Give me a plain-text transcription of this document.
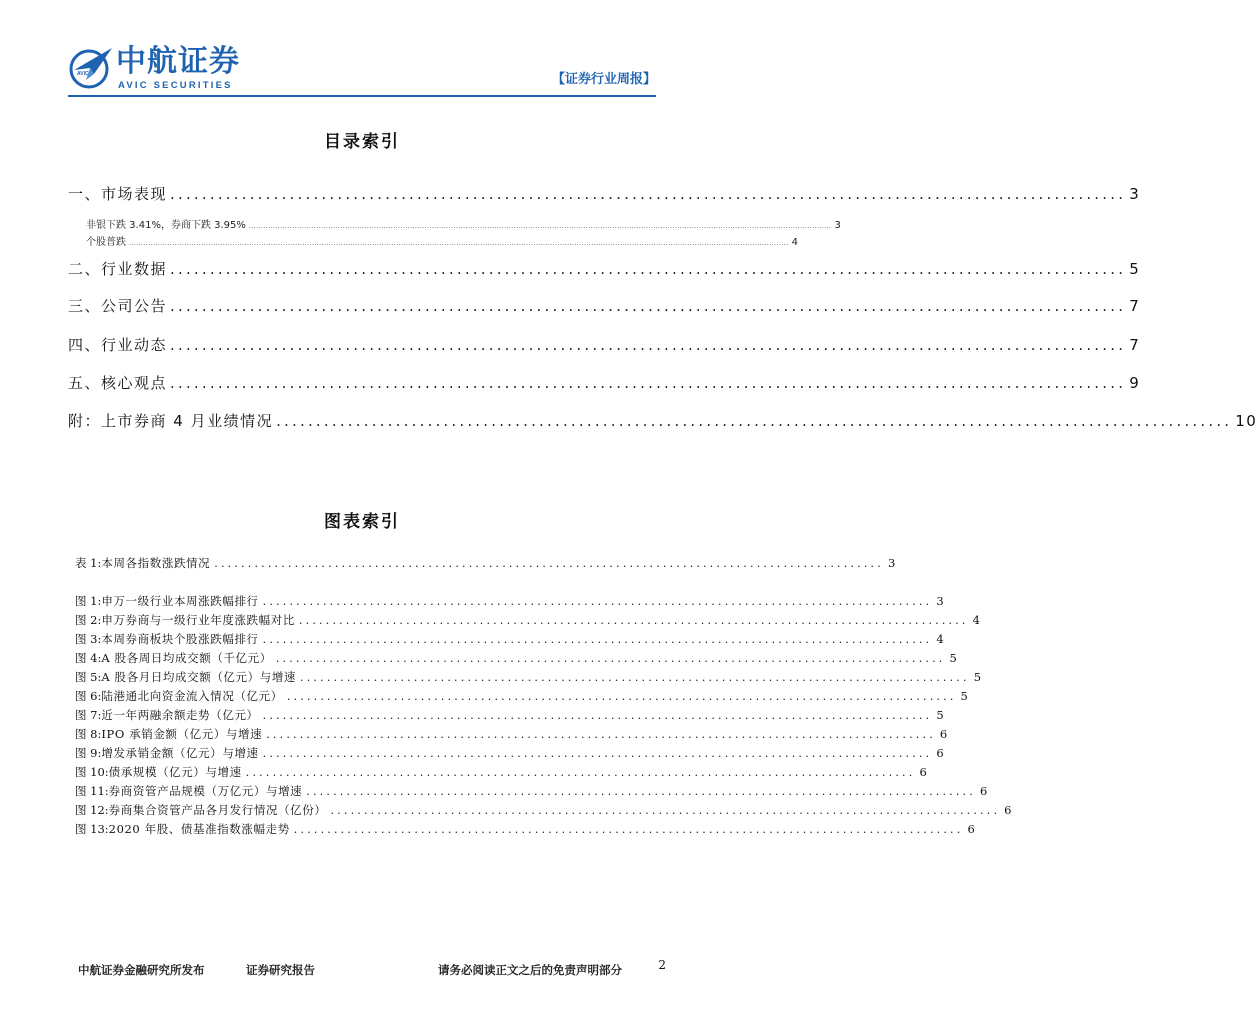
AVIC 中航证券
AVIC SECURITIES	【证券行业周报】
目录索引
一、市场表现 ........................................................................................................................ 3
非银下跌 3.41%，券商下跌 3.95% .................................................................................................................................................................................................................................................. 3
个股普跌 .................................................................................................................................................................................................................................................................................. 4
二、行业数据 ........................................................................................................................ 5
三、公司公告 ........................................................................................................................ 7
四、行业动态 ........................................................................................................................ 7
五、核心观点 ........................................................................................................................ 9
附：上市券商 4 月业绩情况 ........................................................................................................................ 10
图表索引
表 1: 本周各指数涨跌情况 .................................................................................................... 3
图 1: 申万一级行业本周涨跌幅排行 .................................................................................................... 3
图 2: 申万券商与一级行业年度涨跌幅对比 .................................................................................................... 4
图 3: 本周券商板块个股涨跌幅排行 .................................................................................................... 4
图 4: A 股各周日均成交额（千亿元） .................................................................................................... 5
图 5: A 股各月日均成交额（亿元）与增速 .................................................................................................... 5
图 6: 陆港通北向资金流入情况（亿元） .................................................................................................... 5
图 7: 近一年两融余额走势（亿元） .................................................................................................... 5
图 8: IPO 承销金额（亿元）与增速 .................................................................................................... 6
图 9: 增发承销金额（亿元）与增速 .................................................................................................... 6
图 10: 债承规模（亿元）与增速 .................................................................................................... 6
图 11: 券商资管产品规模（万亿元）与增速 .................................................................................................... 6
图 12: 券商集合资管产品各月发行情况（亿份） .................................................................................................... 6
图 13: 2020 年股、债基准指数涨幅走势 .................................................................................................... 6
中航证券金融研究所发布	证券研究报告	请务必阅读正文之后的免责声明部分	2
